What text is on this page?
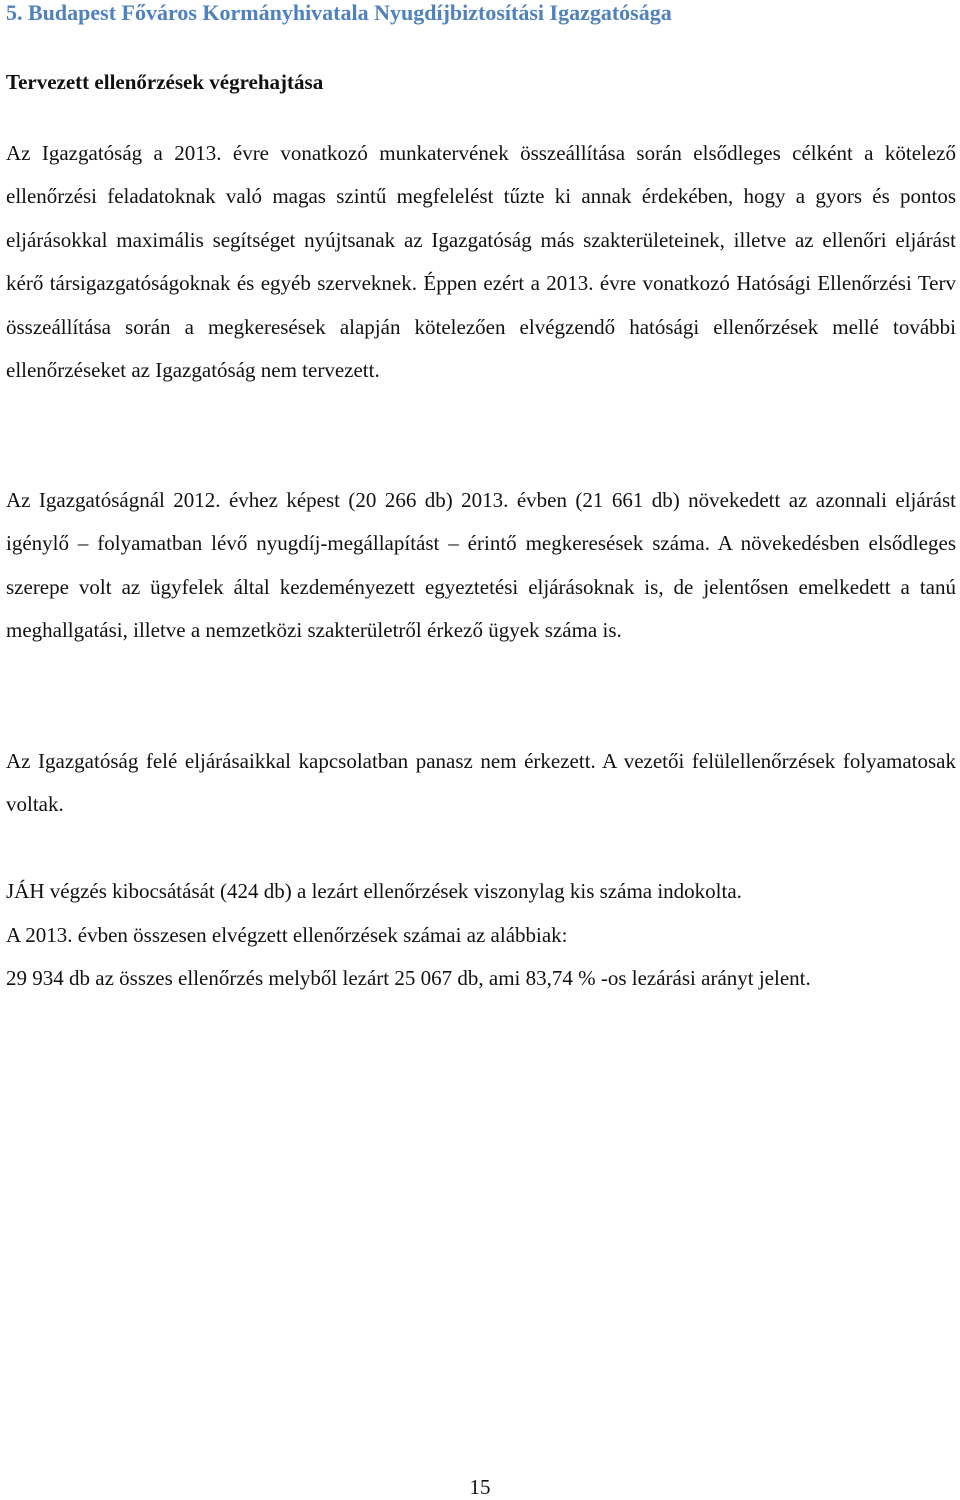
5. Budapest Főváros Kormányhivatala Nyugdíjbiztosítási Igazgatósága
Tervezett ellenőrzések végrehajtása

Az Igazgatóság a 2013. évre vonatkozó munkatervének összeállítása során elsődleges célként a kötelező ellenőrzési feladatoknak való magas szintű megfelelést tűzte ki annak érdekében, hogy a gyors és pontos eljárásokkal maximális segítséget nyújtsanak az Igazgatóság más szakterületeinek, illetve az ellenőri eljárást kérő társigazgatóságoknak és egyéb szerveknek. Éppen ezért a 2013. évre vonatkozó Hatósági Ellenőrzési Terv összeállítása során a megkeresések alapján kötelezően elvégzendő hatósági ellenőrzések mellé további ellenőrzéseket az Igazgatóság nem tervezett.

Az Igazgatóságnál 2012. évhez képest (20 266 db) 2013. évben (21 661 db) növekedett az azonnali eljárást igénylő – folyamatban lévő nyugdíj-megállapítást – érintő megkeresések száma. A növekedésben elsődleges szerepe volt az ügyfelek által kezdeményezett egyeztetési eljárásoknak is, de jelentősen emelkedett a tanú meghallgatási, illetve a nemzetközi szakterületről érkező ügyek száma is.

Az Igazgatóság felé eljárásaikkal kapcsolatban panasz nem érkezett. A vezetői felülellenőrzések folyamatosak voltak.

JÁH végzés kibocsátását (424 db) a lezárt ellenőrzések viszonylag kis száma indokolta.

A 2013. évben összesen elvégzett ellenőrzések számai az alábbiak:

29 934 db az összes ellenőrzés melyből lezárt 25 067 db, ami 83,74 % -os lezárási arányt jelent.

15
